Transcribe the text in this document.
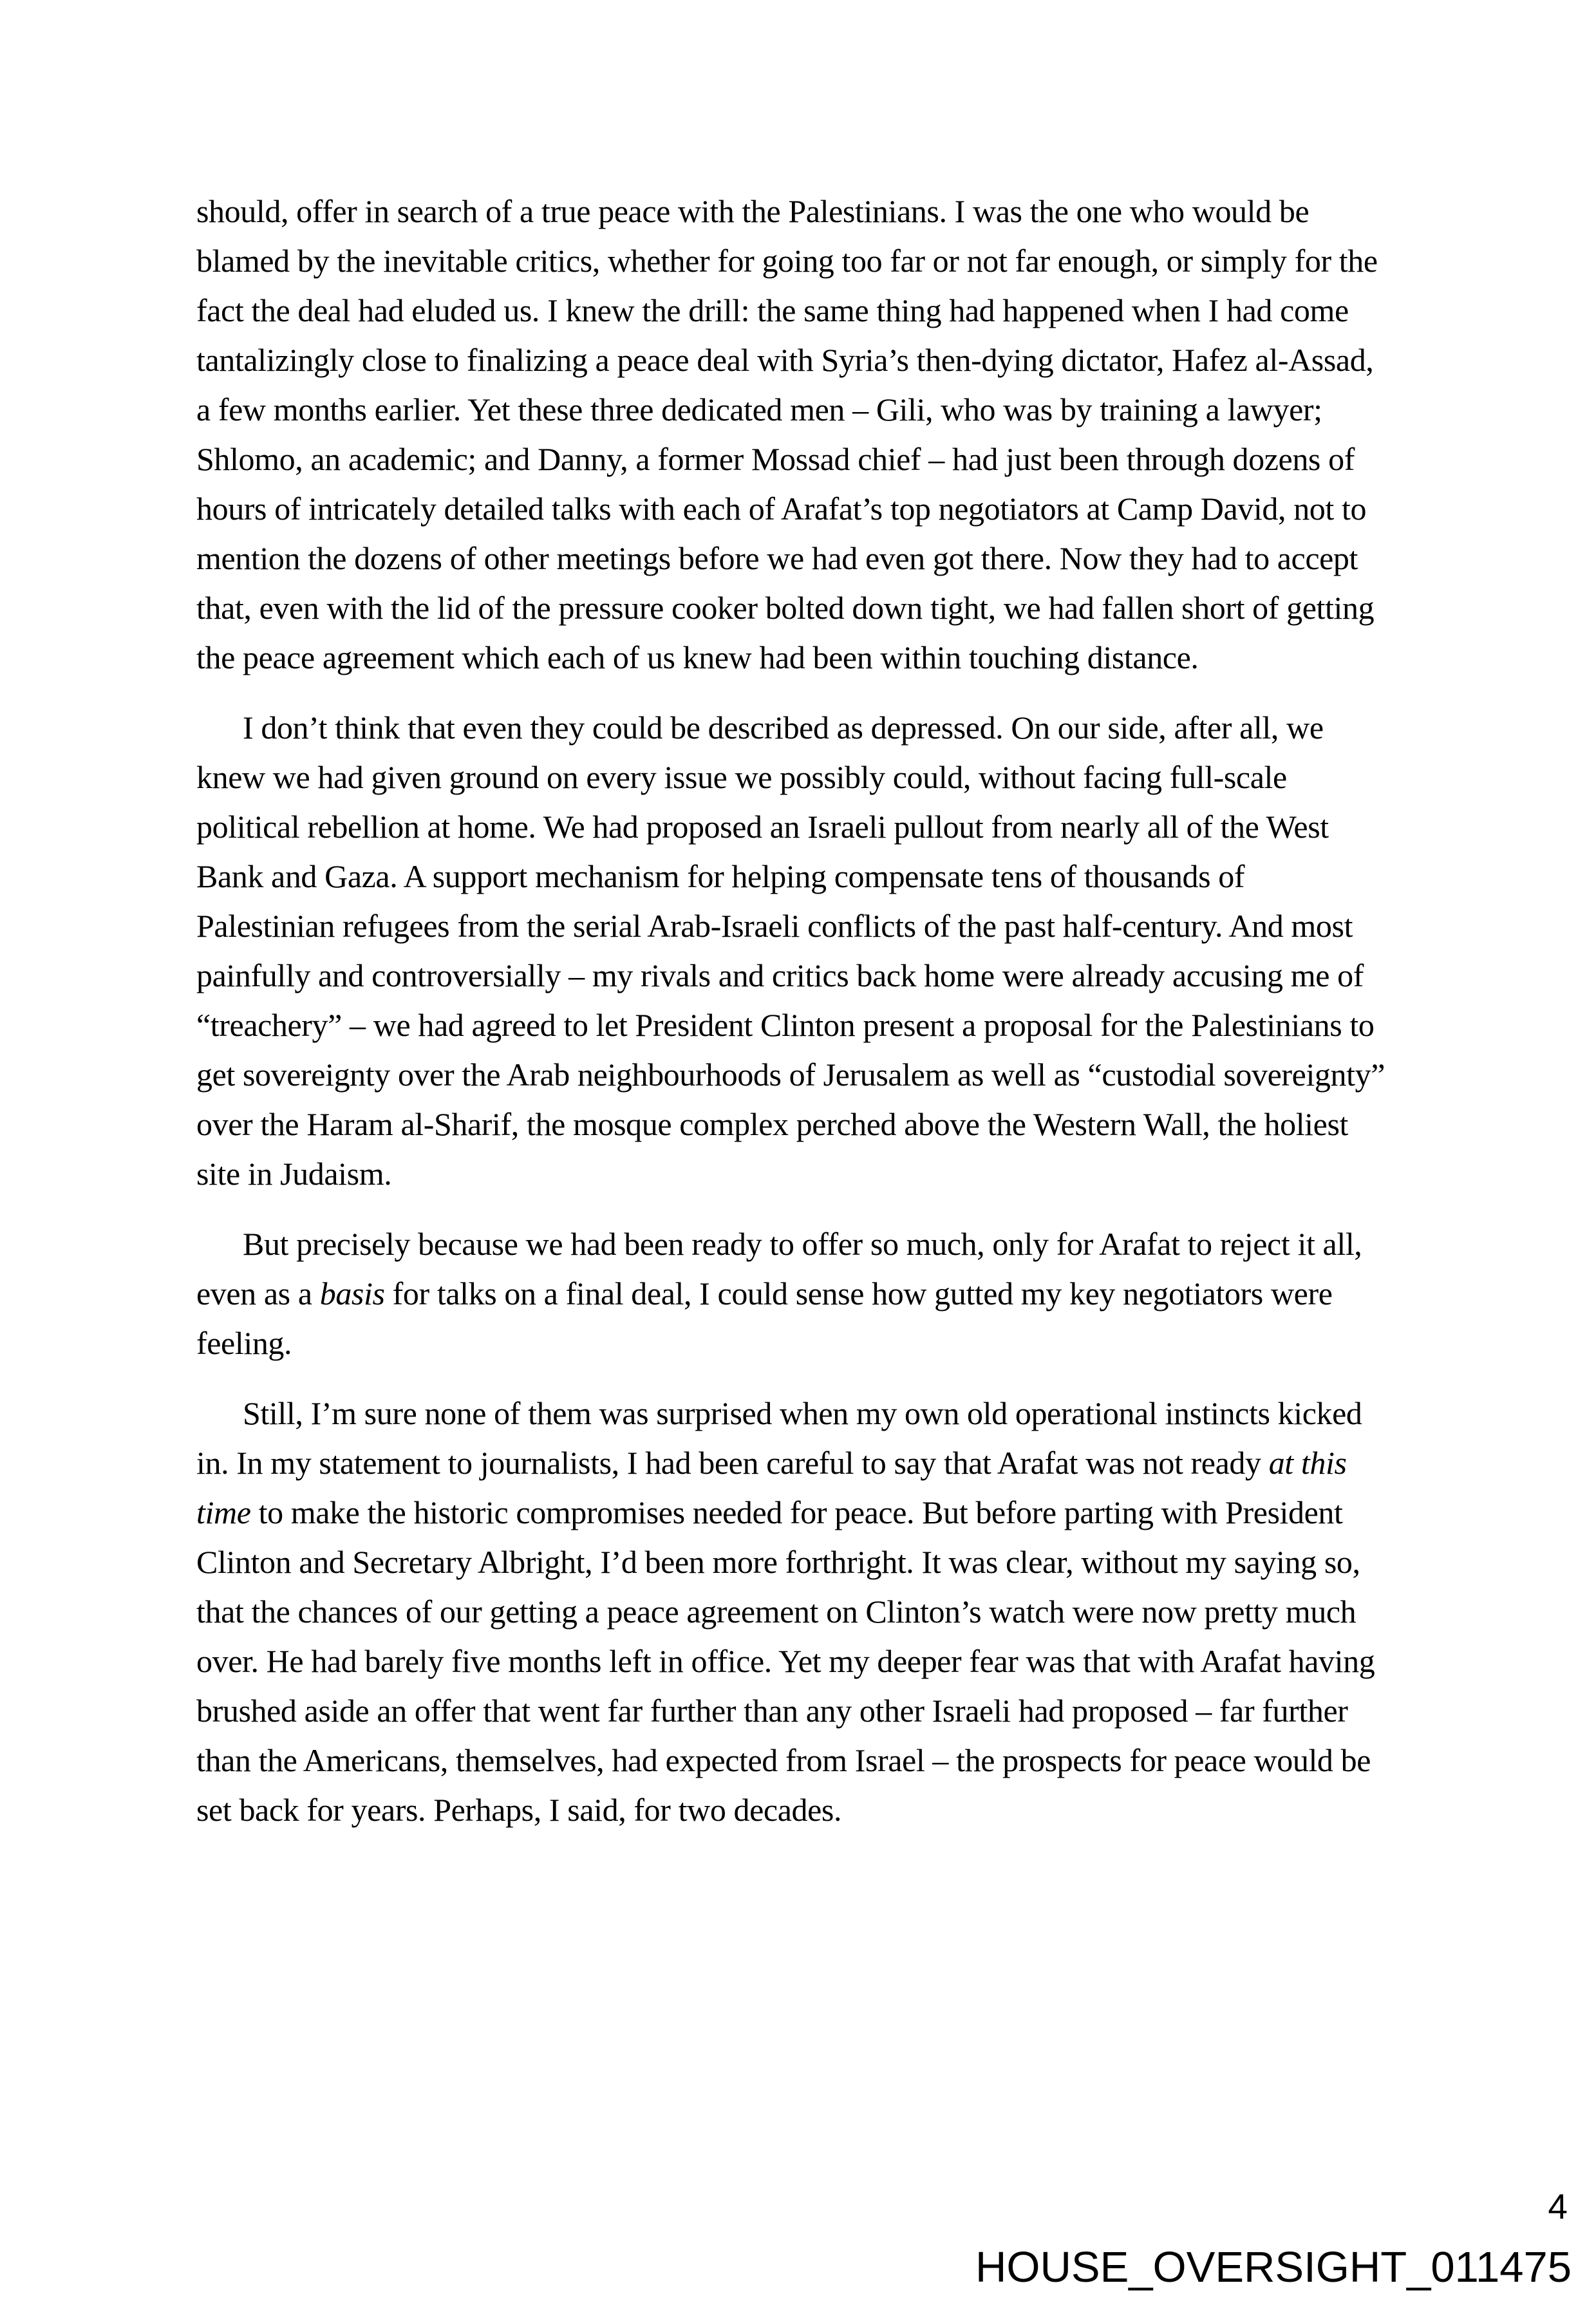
should, offer in search of a true peace with the Palestinians. I was the one who would be blamed by the inevitable critics, whether for going too far or not far enough, or simply for the fact the deal had eluded us. I knew the drill: the same thing had happened when I had come tantalizingly close to finalizing a peace deal with Syria’s then-dying dictator, Hafez al-Assad, a few months earlier. Yet these three dedicated men – Gili, who was by training a lawyer; Shlomo, an academic; and Danny, a former Mossad chief – had just been through dozens of hours of intricately detailed talks with each of Arafat’s top negotiators at Camp David, not to mention the dozens of other meetings before we had even got there. Now they had to accept that, even with the lid of the pressure cooker bolted down tight, we had fallen short of getting the peace agreement which each of us knew had been within touching distance.

I don’t think that even they could be described as depressed. On our side, after all, we knew we had given ground on every issue we possibly could, without facing full-scale political rebellion at home. We had proposed an Israeli pullout from nearly all of the West Bank and Gaza. A support mechanism for helping compensate tens of thousands of Palestinian refugees from the serial Arab-Israeli conflicts of the past half-century. And most painfully and controversially – my rivals and critics back home were already accusing me of “treachery” – we had agreed to let President Clinton present a proposal for the Palestinians to get sovereignty over the Arab neighbourhoods of Jerusalem as well as “custodial sovereignty” over the Haram al-Sharif, the mosque complex perched above the Western Wall, the holiest site in Judaism.

But precisely because we had been ready to offer so much, only for Arafat to reject it all, even as a basis for talks on a final deal, I could sense how gutted my key negotiators were feeling.

Still, I’m sure none of them was surprised when my own old operational instincts kicked in. In my statement to journalists, I had been careful to say that Arafat was not ready at this time to make the historic compromises needed for peace. But before parting with President Clinton and Secretary Albright, I’d been more forthright. It was clear, without my saying so, that the chances of our getting a peace agreement on Clinton’s watch were now pretty much over. He had barely five months left in office. Yet my deeper fear was that with Arafat having brushed aside an offer that went far further than any other Israeli had proposed – far further than the Americans, themselves, had expected from Israel – the prospects for peace would be set back for years. Perhaps, I said, for two decades.

4
HOUSE_OVERSIGHT_011475
